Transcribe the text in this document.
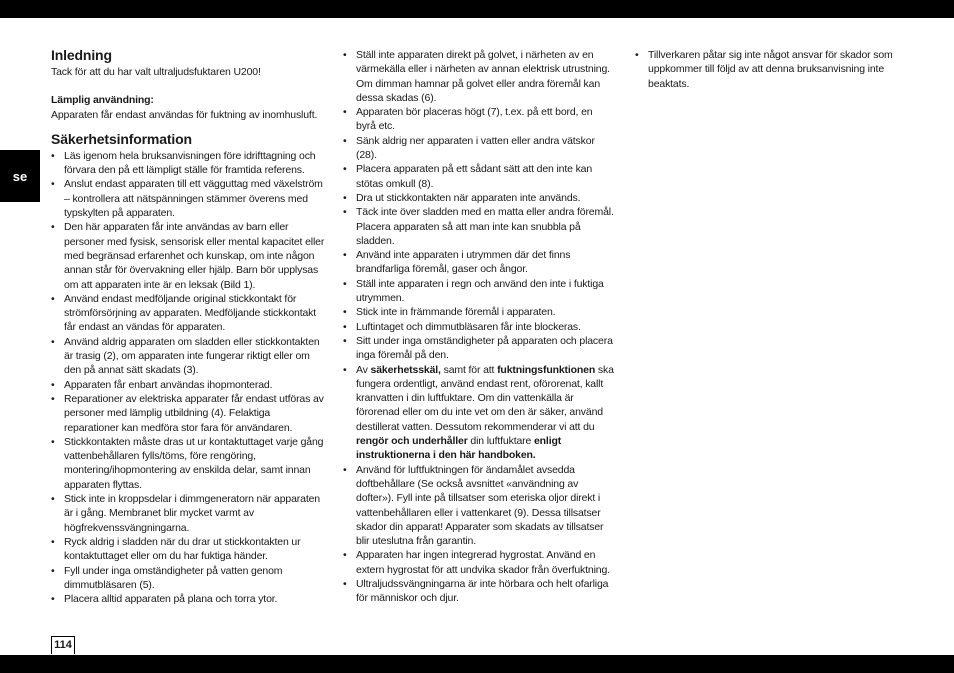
se
114
Inledning

Tack för att du har valt ultraljudsfuktaren U200!

Lämplig användning:

Apparaten får endast användas för fuktning av inomhusluft.

Säkerhetsinformation
• Läs igenom hela bruksanvisningen före idrifttagning och förvara den på ett lämpligt ställe för framtida referens.
• Anslut endast apparaten till ett vägguttag med växelström – kontrollera att nätspänningen stämmer överens med typskylten på apparaten.
• Den här apparaten får inte användas av barn eller personer med fysisk, sensorisk eller mental kapacitet eller med begränsad erfarenhet och kunskap, om inte någon annan står för övervakning eller hjälp. Barn bör upplysas om att apparaten inte är en leksak (Bild 1).
• Använd endast medföljande original stickkontakt för strömförsörjning av apparaten. Medföljande stickkontakt får endast an vändas för apparaten.
• Använd aldrig apparaten om sladden eller stickkontakten är trasig (2), om apparaten inte fungerar riktigt eller om den på annat sätt skadats (3).
• Apparaten får enbart användas ihopmonterad.
• Reparationer av elektriska apparater får endast utföras av personer med lämplig utbildning (4). Felaktiga reparationer kan medföra stor fara för användaren.
• Stickkontakten måste dras ut ur kontaktuttaget varje gång vattenbehållaren fylls/töms, före rengöring, montering/ihopmontering av enskilda delar, samt innan apparaten flyttas.
• Stick inte in kroppsdelar i dimmgeneratorn när apparaten är i gång. Membranet blir mycket varmt av högfrekvenssvängningarna.
• Ryck aldrig i sladden när du drar ut stickkontakten ur kontaktuttaget eller om du har fuktiga händer.
• Fyll under inga omständigheter på vatten genom dimmutbläsaren (5).
• Placera alltid apparaten på plana och torra ytor.
• Ställ inte apparaten direkt på golvet, i närheten av en värmekälla eller i närheten av annan elektrisk utrustning. Om dimman hamnar på golvet eller andra föremål kan dessa skadas (6).
• Apparaten bör placeras högt (7), t.ex. på ett bord, en byrå etc.
• Sänk aldrig ner apparaten i vatten eller andra vätskor (28).
• Placera apparaten på ett sådant sätt att den inte kan stötas omkull (8).
• Dra ut stickkontakten när apparaten inte används.
• Täck inte över sladden med en matta eller andra föremål. Placera apparaten så att man inte kan snubbla på sladden.
• Använd inte apparaten i utrymmen där det finns brandfarliga föremål, gaser och ångor.
• Ställ inte apparaten i regn och använd den inte i fuktiga utrymmen.
• Stick inte in främmande föremål i apparaten.
• Luftintaget och dimmutbläsaren får inte blockeras.
• Sitt under inga omständigheter på apparaten och placera inga föremål på den.
• Av säkerhetsskäl, samt för att fuktningsfunktionen ska fungera ordentligt, använd endast rent, oförorenat, kallt kranvatten i din luftfuktare. Om din vattenkälla är förorenad eller om du inte vet om den är säker, använd destillerat vatten. Dessutom rekommenderar vi att du rengör och underhåller din luftfuktare enligt instruktionerna i den här handboken.
• Använd för luftfuktningen för ändamålet avsedda doftbehållare (Se också avsnittet «användning av dofter»). Fyll inte på tillsatser som eteriska oljor direkt i vattenbehållaren eller i vattenkaret (9). Dessa tillsatser skador din apparat! Apparater som skadats av tillsatser blir uteslutna från garantin.
• Apparaten har ingen integrerad hygrostat. Använd en extern hygrostat för att undvika skador från överfuktning.
• Ultraljudssvängningarna är inte hörbara och helt ofarliga för människor och djur.
• Tillverkaren påtar sig inte något ansvar för skador som uppkommer till följd av att denna bruksanvisning inte beaktats.
